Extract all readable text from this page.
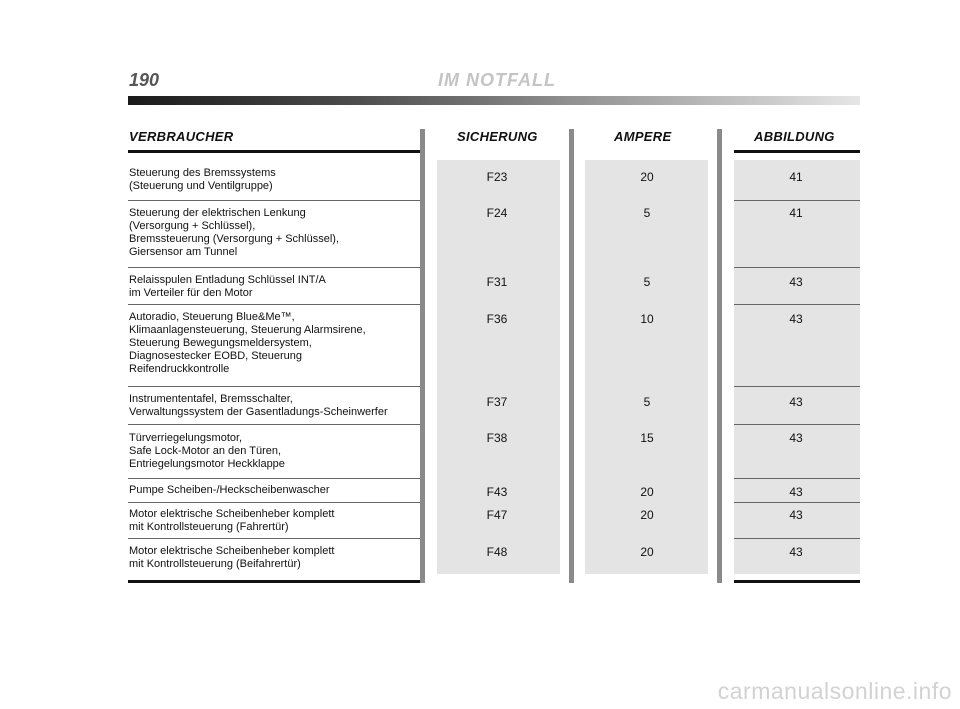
190	IM NOTFALL
VERBRAUCHER	SICHERUNG	AMPERE	ABBILDUNG
Steuerung des Bremssystems
(Steuerung und Ventilgruppe)
F23	20	41
Steuerung der elektrischen Lenkung
(Versorgung + Schlüssel),
Bremssteuerung (Versorgung + Schlüssel),
Giersensor am Tunnel
F24	5	41
Relaisspulen Entladung Schlüssel INT/A
im Verteiler für den Motor
F31	5	43
Autoradio, Steuerung Blue&Me™,
Klimaanlagensteuerung, Steuerung Alarmsirene,
Steuerung Bewegungsmeldersystem,
Diagnosestecker EOBD, Steuerung
Reifendruckkontrolle
F36	10	43
Instrumententafel, Bremsschalter,
Verwaltungssystem der Gasentladungs-Scheinwerfer
F37	5	43
Türverriegelungsmotor,
Safe Lock-Motor an den Türen,
Entriegelungsmotor Heckklappe
F38	15	43
Pumpe Scheiben-/Heckscheibenwascher	F43	20	43
Motor elektrische Scheibenheber komplett
mit Kontrollsteuerung (Fahrertür)
F47	20	43
Motor elektrische Scheibenheber komplett
mit Kontrollsteuerung (Beifahrertür)
F48	20	43
carmanualsonline.info
